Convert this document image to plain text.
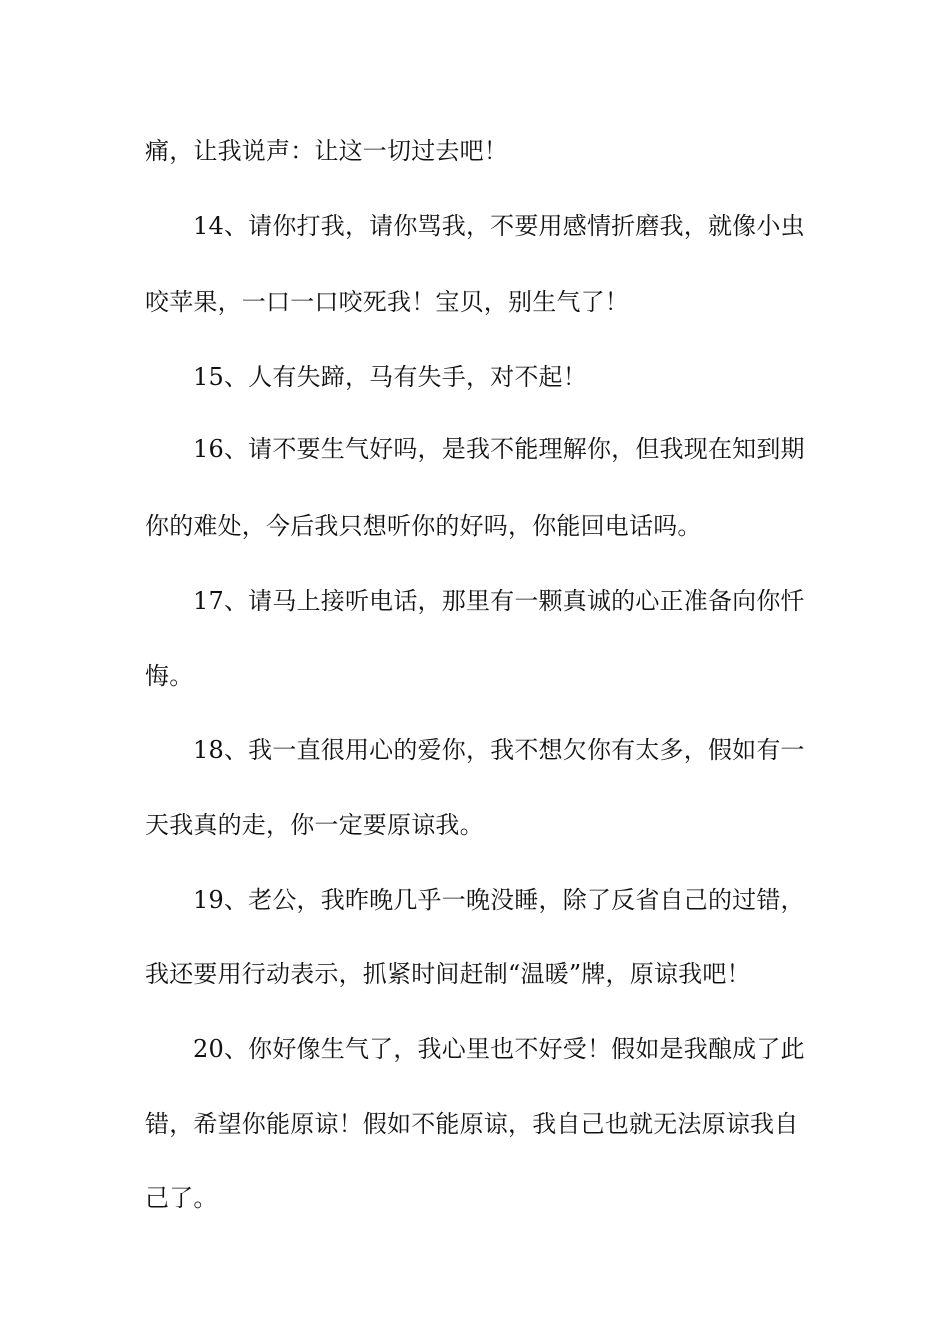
痛，让我说声：让这一切过去吧！
14、请你打我，请你骂我，不要用感情折磨我，就像小虫
咬苹果，一口一口咬死我！宝贝，别生气了！
15、人有失蹄，马有失手，对不起！
16、请不要生气好吗，是我不能理解你，但我现在知到期
你的难处，今后我只想听你的好吗，你能回电话吗。
17、请马上接听电话，那里有一颗真诚的心正准备向你忏
悔。
18、我一直很用心的爱你，我不想欠你有太多，假如有一
天我真的走，你一定要原谅我。
19、老公，我昨晚几乎一晚没睡，除了反省自己的过错，
我还要用行动表示，抓紧时间赶制“温暖”牌，原谅我吧！
20、你好像生气了，我心里也不好受！假如是我酿成了此
错，希望你能原谅！假如不能原谅，我自己也就无法原谅我自
己了。
